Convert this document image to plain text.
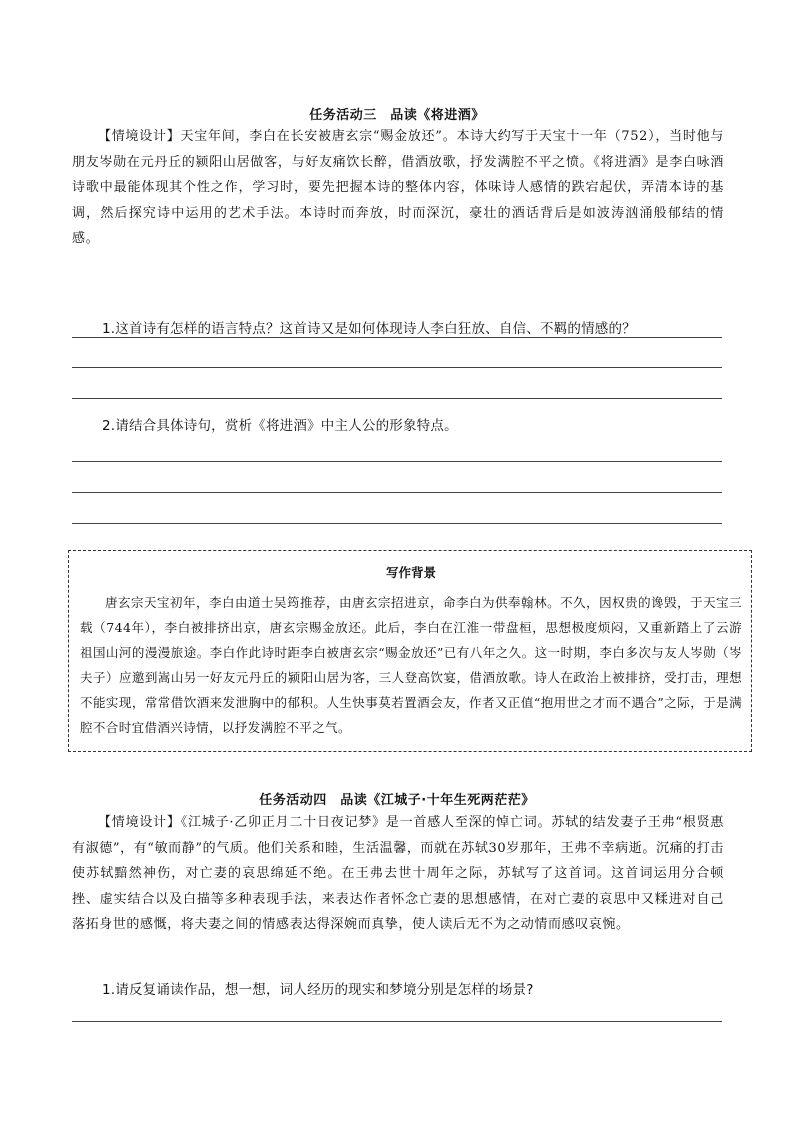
任务活动三　品读《将进酒》
【情境设计】天宝年间，李白在长安被唐玄宗“赐金放还”。本诗大约写于天宝十一年（752），当时他与朋友岑勋在元丹丘的颍阳山居做客，与好友痛饮长醉，借酒放歌，抒发满腔不平之愤。《将进酒》是李白咏酒诗歌中最能体现其个性之作，学习时，要先把握本诗的整体内容，体味诗人感情的跌宕起伏，弄清本诗的基调，然后探究诗中运用的艺术手法。本诗时而奔放，时而深沉，豪壮的酒话背后是如波涛汹涌般郁结的情感。
1.这首诗有怎样的语言特点？这首诗又是如何体现诗人李白狂放、自信、不羁的情感的？
2.请结合具体诗句，赏析《将进酒》中主人公的形象特点。
写作背景
唐玄宗天宝初年，李白由道士吴筠推荐，由唐玄宗招进京，命李白为供奉翰林。不久，因权贵的谗毁，于天宝三载（744年），李白被排挤出京，唐玄宗赐金放还。此后，李白在江淮一带盘桓，思想极度烦闷，又重新踏上了云游祖国山河的漫漫旅途。李白作此诗时距李白被唐玄宗“赐金放还”已有八年之久。这一时期，李白多次与友人岑勋（岑夫子）应邀到嵩山另一好友元丹丘的颍阳山居为客，三人登高饮宴，借酒放歌。诗人在政治上被排挤，受打击，理想不能实现，常常借饮酒来发泄胸中的郁积。人生快事莫若置酒会友，作者又正值“抱用世之才而不遇合”之际，于是满腔不合时宜借酒兴诗情，以抒发满腔不平之气。
任务活动四　品读《江城子·十年生死两茫茫》
【情境设计】《江城子·乙卯正月二十日夜记梦》是一首感人至深的悼亡词。苏轼的结发妻子王弗“根贤惠有淑德”，有“敏而静”的气质。他们关系和睦，生活温馨，而就在苏轼30岁那年，王弗不幸病逝。沉痛的打击使苏轼黯然神伤，对亡妻的哀思绵延不绝。在王弗去世十周年之际，苏轼写了这首词。这首词运用分合顿挫、虚实结合以及白描等多种表现手法，来表达作者怀念亡妻的思想感情，在对亡妻的哀思中又糅进对自己落拓身世的感慨，将夫妻之间的情感表达得深婉而真挚，使人读后无不为之动情而感叹哀惋。
1.请反复诵读作品，想一想，词人经历的现实和梦境分别是怎样的场景?
